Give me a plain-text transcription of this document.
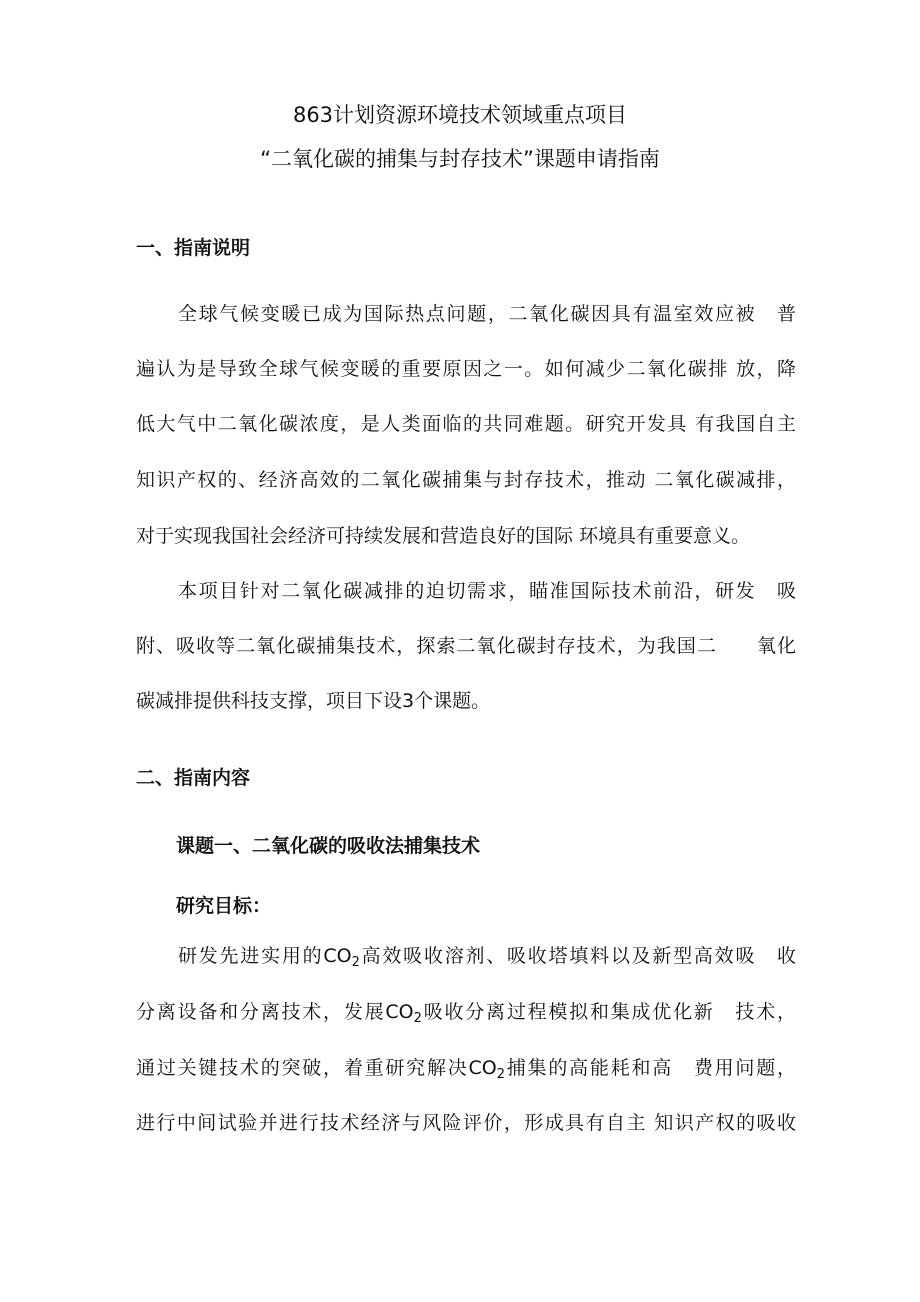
863计划资源环境技术领域重点项目
“二氧化碳的捕集与封存技术”课题申请指南
一、指南说明
全球气候变暖已成为国际热点问题，二氧化碳因具有温室效应被　普
遍认为是导致全球气候变暖的重要原因之一。如何减少二氧化碳排 放，降
低大气中二氧化碳浓度，是人类面临的共同难题。研究开发具 有我国自主
知识产权的、经济高效的二氧化碳捕集与封存技术，推动 二氧化碳减排，
对于实现我国社会经济可持续发展和营造良好的国际 环境具有重要意义。
本项目针对二氧化碳减排的迫切需求，瞄准国际技术前沿，研发　吸
附、吸收等二氧化碳捕集技术，探索二氧化碳封存技术，为我国二　　氧化
碳减排提供科技支撑，项目下设3个课题。
二、指南内容
课题一、二氧化碳的吸收法捕集技术
研究目标：
研发先进实用的$CO_2$高效吸收溶剂、吸收塔填料以及新型高效吸　收
分离设备和分离技术，发展$CO_2$吸收分离过程模拟和集成优化新　技术，
通过关键技术的突破，着重研究解决$CO_2$捕集的高能耗和高　费用问题，
进行中间试验并进行技术经济与风险评价，形成具有自主 知识产权的吸收
